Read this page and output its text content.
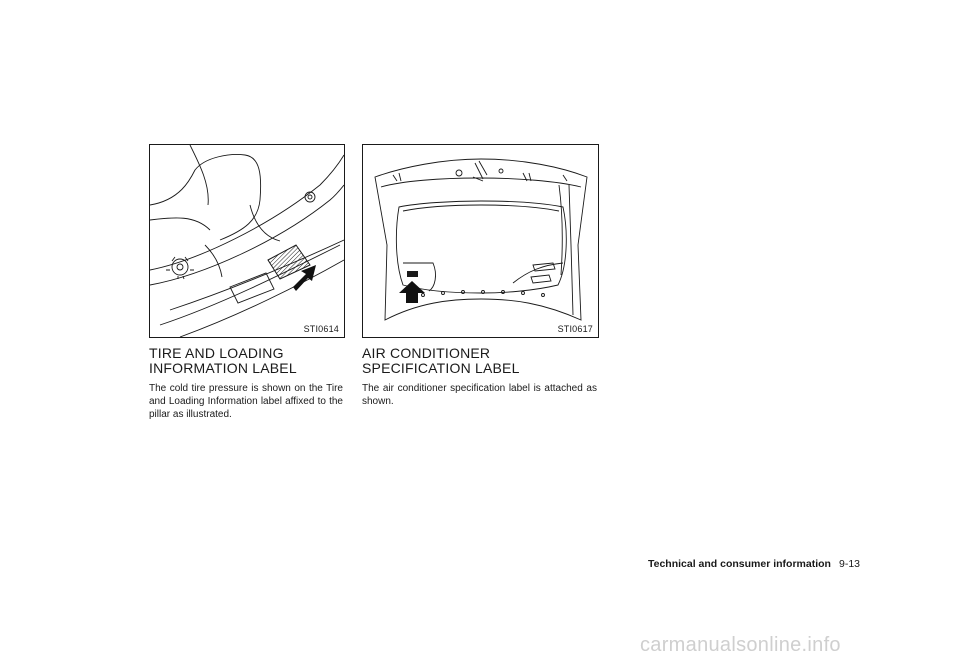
STI0614	STI0617
TIRE AND LOADING INFORMATION LABEL

The cold tire pressure is shown on the Tire and Loading Information label affixed to the pillar as illustrated.

AIR CONDITIONER SPECIFICATION LABEL

The air conditioner specification label is attached as shown.

Technical and consumer information 9-13
carmanualsonline.info
